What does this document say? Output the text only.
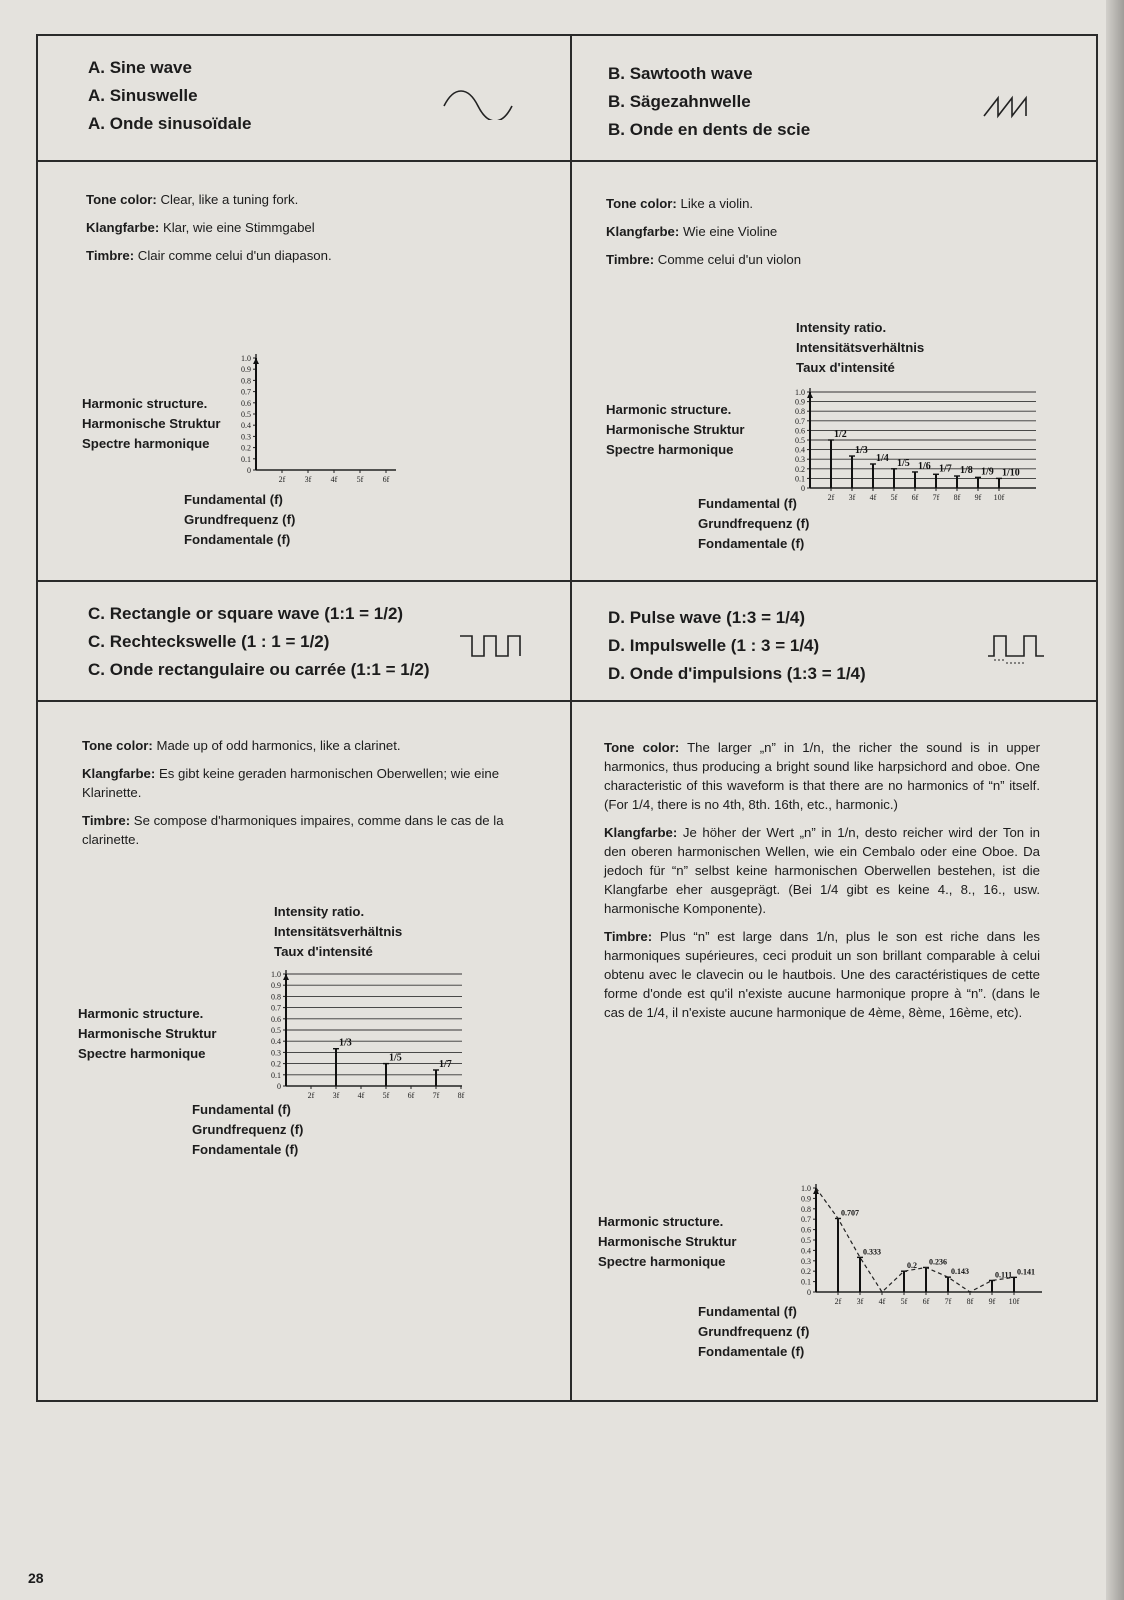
A. Sine wave
A. Sinuswelle
A. Onde sinusoïdale
B. Sawtooth wave
B. Sägezahnwelle
B. Onde en dents de scie

Tone color: Clear, like a tuning fork.

Klangfarbe: Klar, wie eine Stimmgabel

Timbre: Clair comme celui d'un diapason.

Tone color: Like a violin.

Klangfarbe: Wie eine Violine

Timbre: Comme celui d'un violon

Harmonic structure.
Harmonische Struktur
Spectre harmonique
Fundamental (f)
Grundfrequenz (f)
Fondamentale (f)
0
0.1
0.2
0.3
0.4
0.5
0.6
0.7
0.8
0.9
1.0
2f 3f 4f 5f 6f
Intensity ratio.
Intensitätsverhältnis
Taux d'intensité
Harmonic structure.
Harmonische Struktur
Spectre harmonique
Fundamental (f)
Grundfrequenz (f)
Fondamentale (f)
0
0.1
0.2
0.3
0.4
0.5
0.6
0.7
0.8
0.9
1.0
2f 3f 4f 5f 6f 7f 8f 9f 10f
1/2
1/3
1/4 1/5 1/6 1/7 1/8 1/9 1/10
C. Rectangle or square wave (1:1 = 1/2)
C. Rechteckswelle (1 : 1 = 1/2)
C. Onde rectangulaire ou carrée (1:1 = 1/2)
D. Pulse wave (1:3 = 1/4)
D. Impulswelle (1 : 3 = 1/4)
D. Onde d'impulsions (1:3 = 1/4)

Tone color: Made up of odd harmonics, like a clarinet.

Klangfarbe: Es gibt keine geraden harmonischen Oberwellen; wie eine Klarinette.

Timbre: Se compose d'harmoniques impaires, comme dans le cas de la clarinette.

Tone color: The larger „n” in 1/n, the richer the sound is in upper harmonics, thus producing a bright sound like harpsichord and oboe. One characteristic of this waveform is that there are no harmonics of “n” itself. (For 1/4, there is no 4th, 8th. 16th, etc., harmonic.)

Klangfarbe: Je höher der Wert „n” in 1/n, desto reicher wird der Ton in den oberen harmonischen Wellen, wie ein Cembalo oder eine Oboe. Da jedoch für “n” selbst keine harmonischen Oberwellen bestehen, ist die Klangfarbe eher ausgeprägt. (Bei 1/4 gibt es keine 4., 8., 16., usw. harmonische Komponente).

Timbre: Plus “n” est large dans 1/n, plus le son est riche dans les harmoniques supérieures, ceci produit un son brillant comparable à celui obtenu avec le clavecin ou le hautbois. Une des caractéristiques de cette forme d'onde est qu'il n'existe aucune harmonique propre à “n”. (dans le cas de 1/4, il n'existe aucune harmonique de 4ème, 8ème, 16ème, etc).

Intensity ratio.
Intensitätsverhältnis
Taux d'intensité
Harmonic structure.
Harmonische Struktur
Spectre harmonique
Fundamental (f)
Grundfrequenz (f)
Fondamentale (f)
0
0.1
0.2
0.3
0.4
0.5
0.6
0.7
0.8
0.9
1.0
2f 3f 4f 5f 6f 7f 8f
1/3
1/5
1/7
Harmonic structure.
Harmonische Struktur
Spectre harmonique
Fundamental (f)
Grundfrequenz (f)
Fondamentale (f)
0
0.1
0.2
0.3
0.4
0.5
0.6
0.7
0.8
0.9
1.0
2f 3f 4f 5f 6f 7f 8f 9f 10f
0.707
0.333
0.2 0.236
0.143	0.111 0.141
28
